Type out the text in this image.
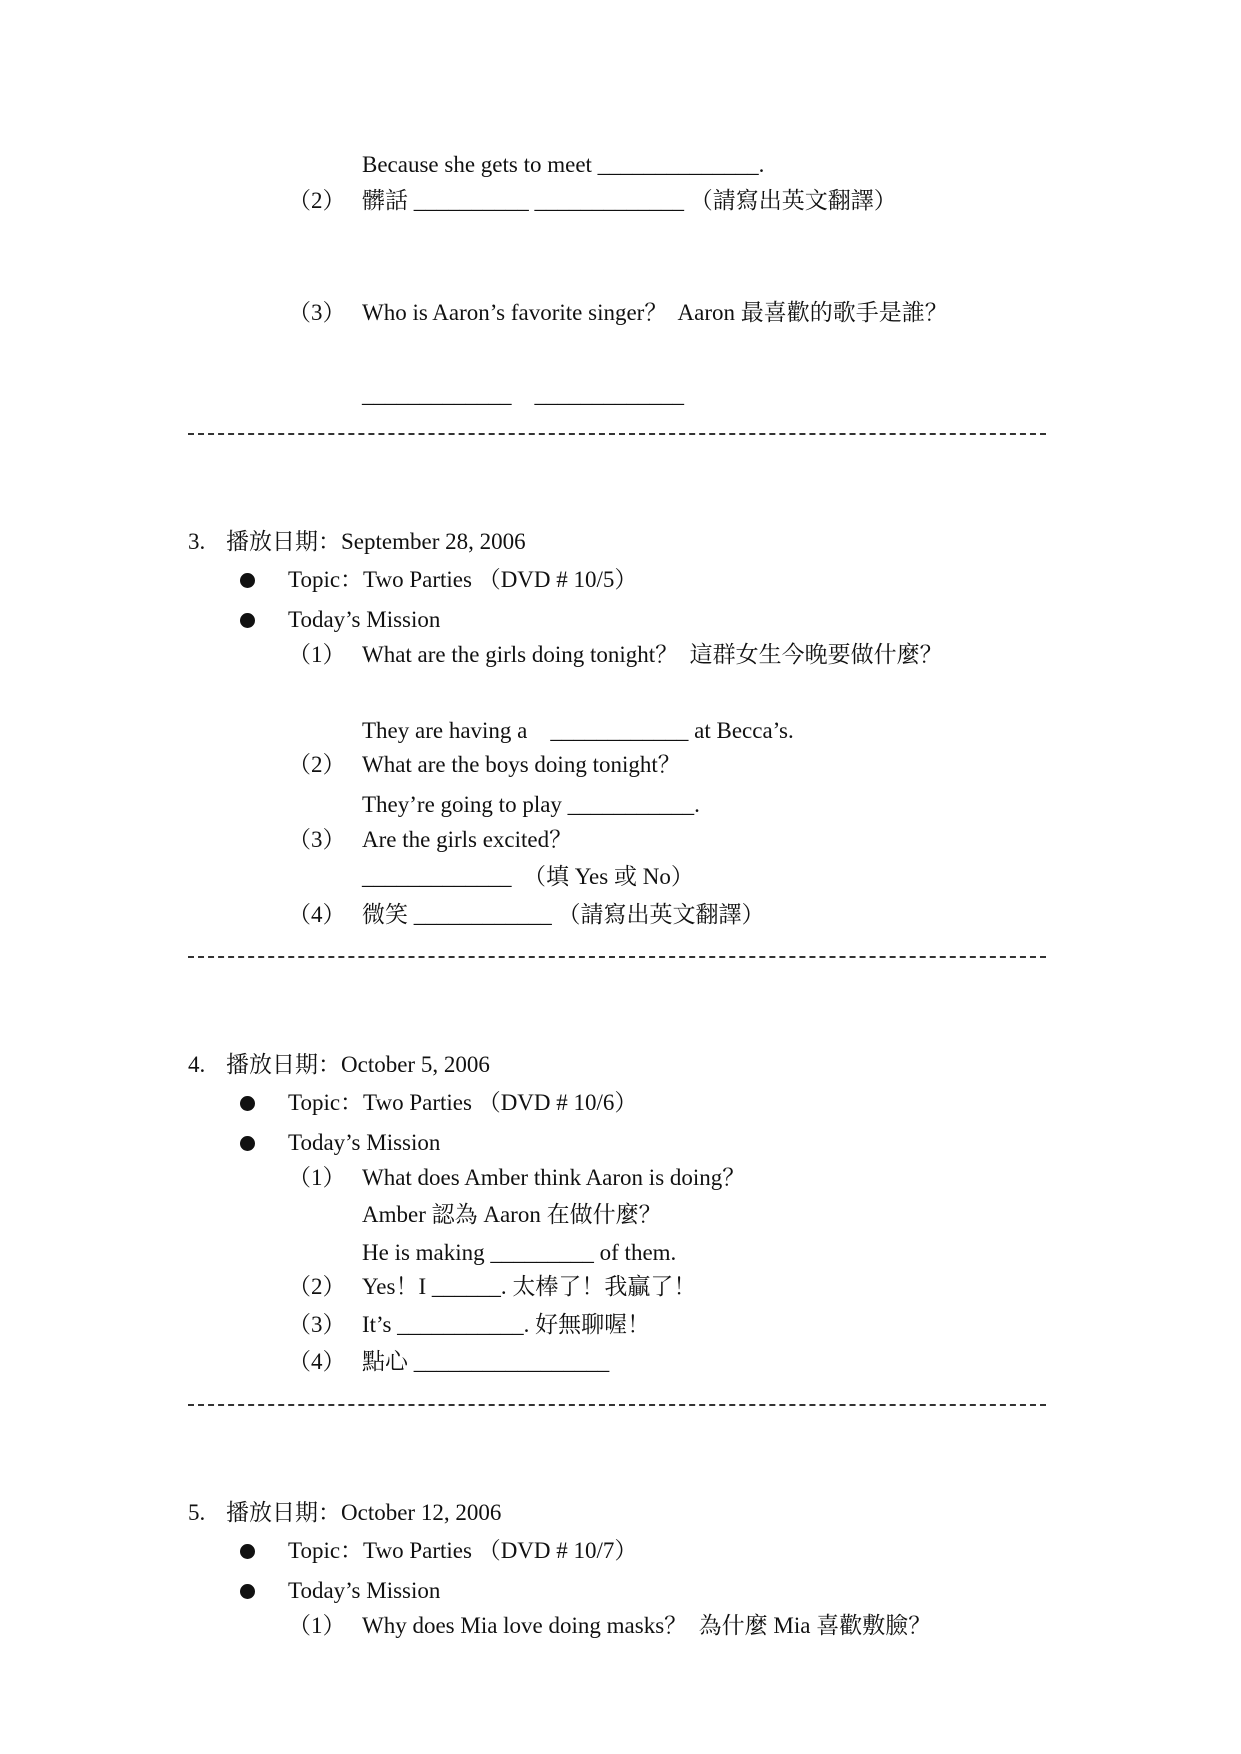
Because she gets to meet ______________.
（2） 髒話 __________ _____________ （請寫出英文翻譯）
（3） Who is Aaron’s favorite singer？  Aaron 最喜歡的歌手是誰？
_____________    _____________
3. 播放日期：September 28, 2006
Topic：Two Parties （DVD # 10/5）
Today’s Mission
（1） What are the girls doing tonight？  這群女生今晚要做什麼？
They are having a    ____________ at Becca’s.
（2） What are the boys doing tonight？
They’re going to play ___________.
（3） Are the girls excited？
_____________  （填 Yes 或 No）
（4） 微笑 ____________ （請寫出英文翻譯）
4. 播放日期：October 5, 2006
Topic：Two Parties （DVD # 10/6）
Today’s Mission
（1） What does Amber think Aaron is doing？
Amber 認為 Aaron 在做什麼？
He is making _________ of them.
（2） Yes！I ______. 太棒了！我贏了！
（3） It’s ___________. 好無聊喔！
（4） 點心 _________________
5. 播放日期：October 12, 2006
Topic：Two Parties （DVD # 10/7）
Today’s Mission
（1） Why does Mia love doing masks？  為什麼 Mia 喜歡敷臉？
